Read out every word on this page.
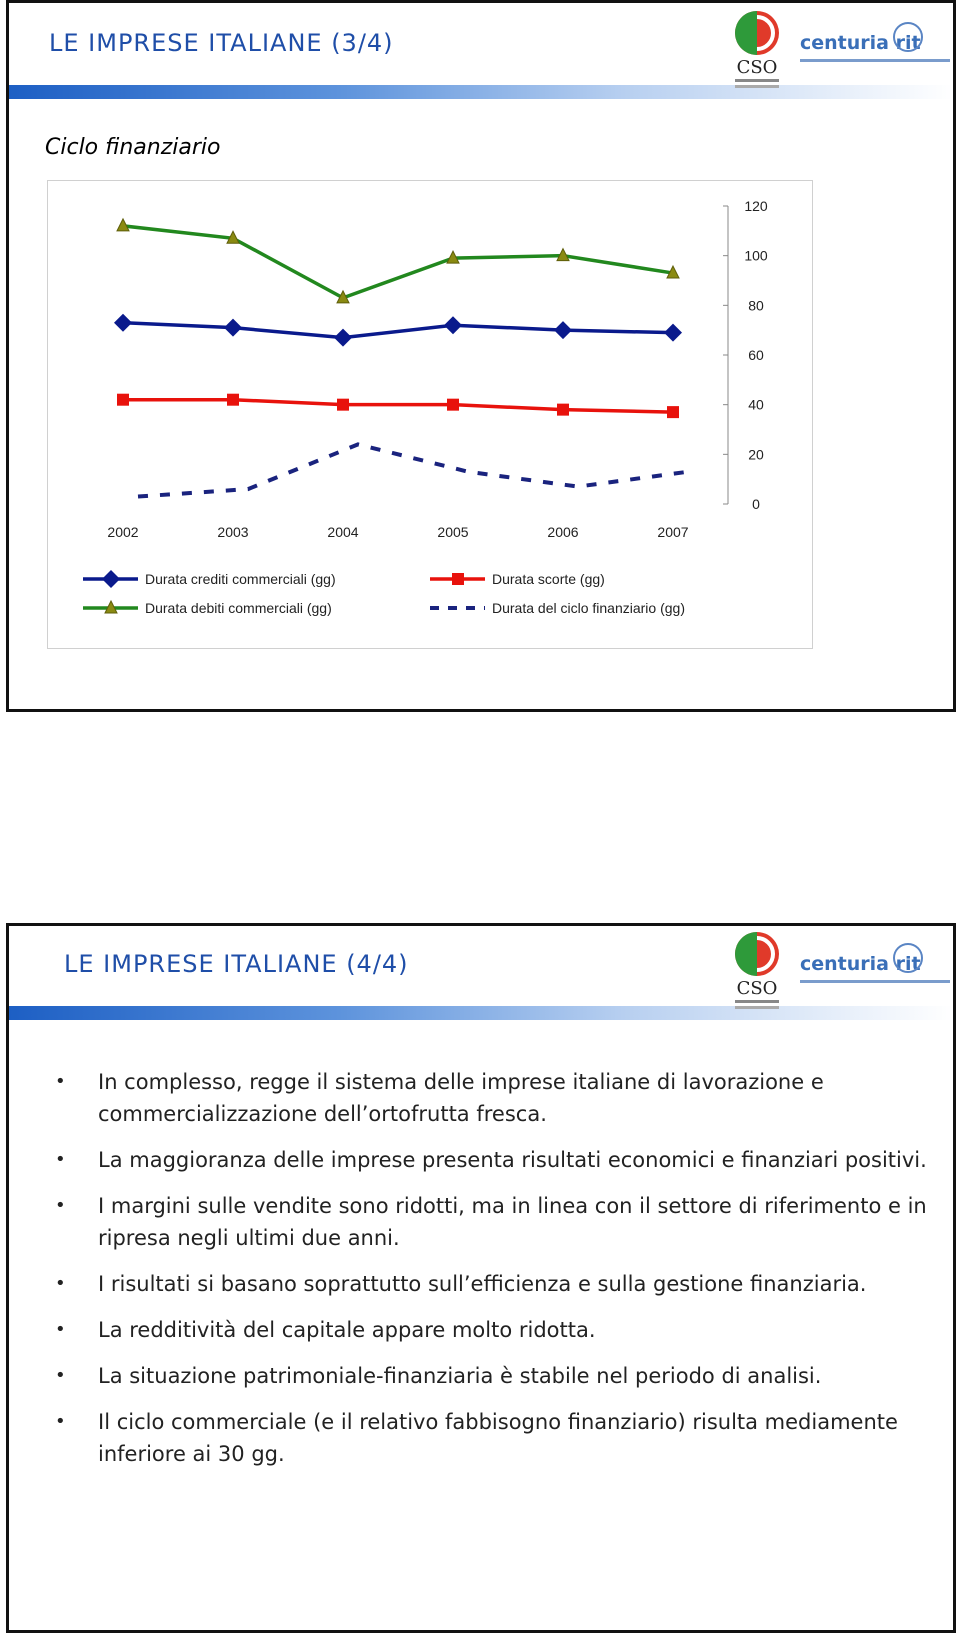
LE IMPRESE ITALIANE (3/4)
CSO
centuria rit
Ciclo finanziario
0
20
40
60
80
100
120
2002	2003	2004	2005	2006	2007
Durata crediti commerciali (gg)	Durata scorte (gg)
Durata debiti commerciali (gg)	Durata del ciclo finanziario (gg)
LE IMPRESE ITALIANE (4/4)
CSO
centuria rit
• In complesso, regge il sistema delle imprese italiane di lavorazione e commercializzazione dell’ortofrutta fresca.
• La maggioranza delle imprese presenta risultati economici e finanziari positivi.
• I margini sulle vendite sono ridotti, ma in linea con il settore di riferimento e in ripresa negli ultimi due anni.
• I risultati si basano soprattutto sull’efficienza e sulla gestione finanziaria.
• La redditività del capitale appare molto ridotta.
• La situazione patrimoniale-finanziaria è stabile nel periodo di analisi.
• Il ciclo commerciale (e il relativo fabbisogno finanziario) risulta mediamente inferiore ai 30 gg.
